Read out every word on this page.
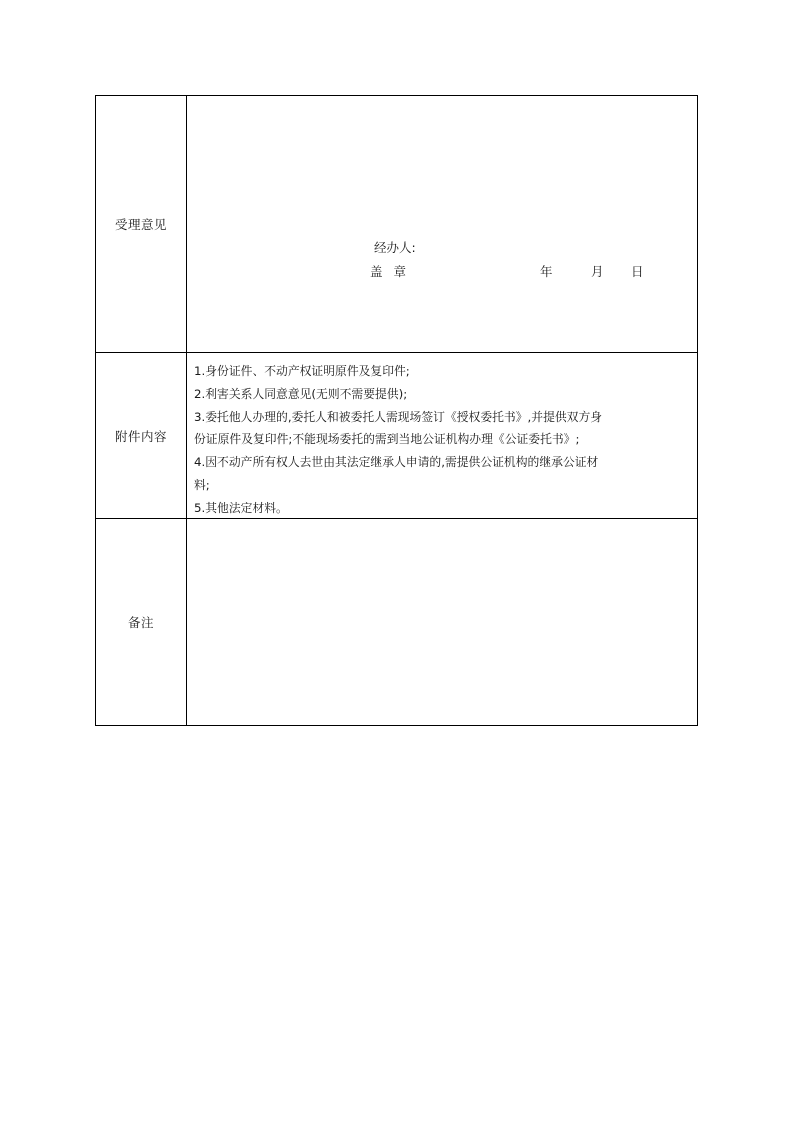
受理意见
经办人:
盖章	年	月 日
附件内容
1.身份证件、不动产权证明原件及复印件;
2.利害关系人同意意见(无则不需要提供);
3.委托他人办理的,委托人和被委托人需现场签订《授权委托书》,并提供双方身
份证原件及复印件;不能现场委托的需到当地公证机构办理《公证委托书》;
4.因不动产所有权人去世由其法定继承人申请的,需提供公证机构的继承公证材
料;
5.其他法定材料。
备注
